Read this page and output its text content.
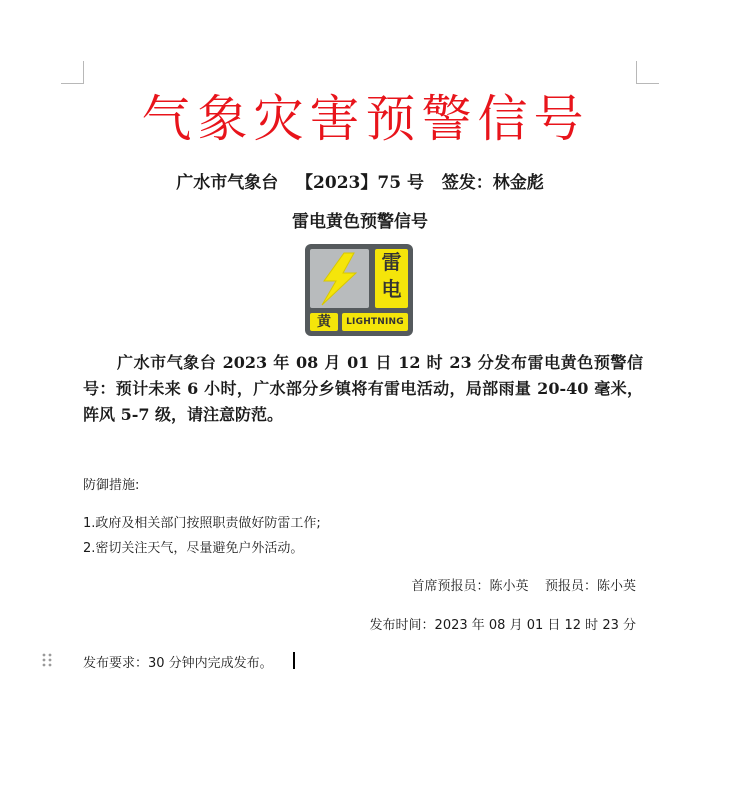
气象灾害预警信号
广水市气象台   【2023】75 号   签发：林金彪
雷电黄色预警信号
雷
电
黄	LIGHTNING
广水市气象台 2023 年 08 月 01 日 12 时 23 分发布雷电黄色预警信号：预计未来 6 小时，广水部分乡镇将有雷电活动，局部雨量 20-40 毫米，阵风 5-7 级，请注意防范。
防御措施:
1.政府及相关部门按照职责做好防雷工作;
2.密切关注天气，尽量避免户外活动。
首席预报员：陈小英    预报员：陈小英
发布时间：2023 年 08 月 01 日 12 时 23 分
发布要求：30 分钟内完成发布。
